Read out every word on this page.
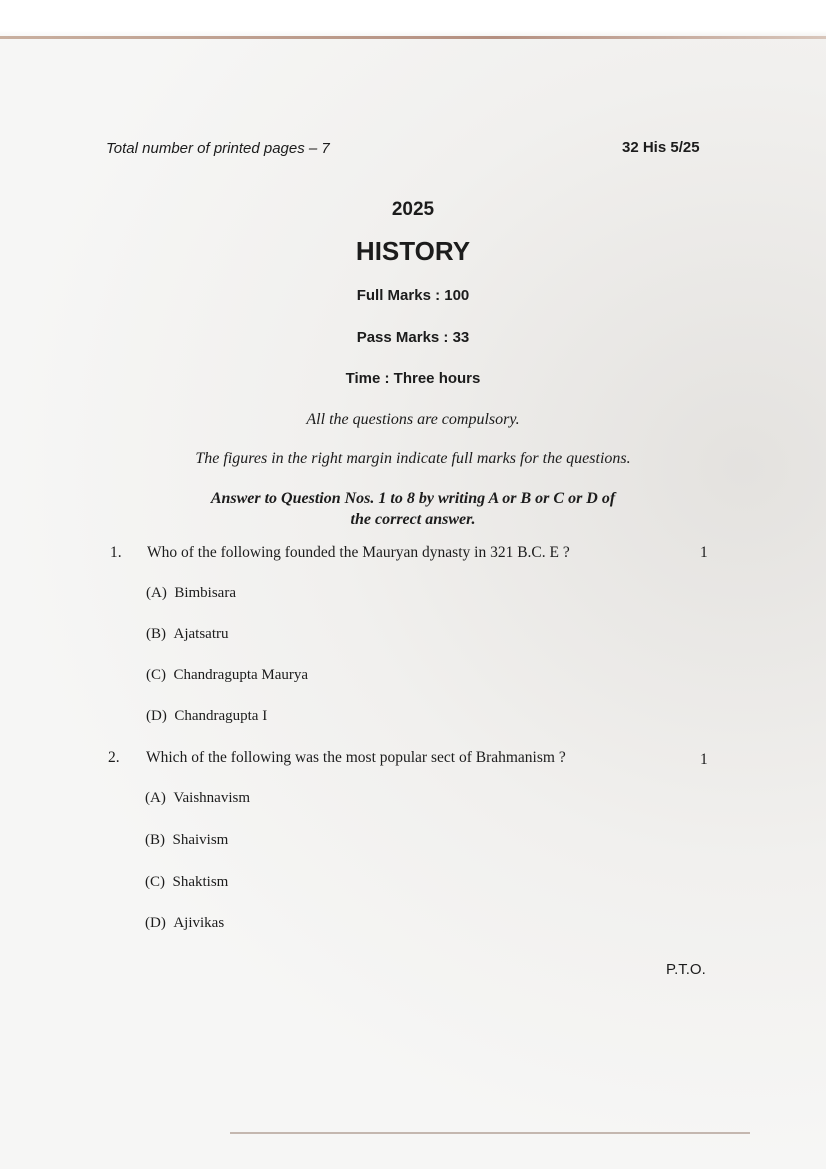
Total number of printed pages – 7	32 His 5/25
2025
HISTORY
Full Marks : 100
Pass Marks : 33
Time : Three hours
All the questions are compulsory.
The figures in the right margin indicate full marks for the questions.
Answer to Question Nos. 1 to 8 by writing A or B or C or D of
the correct answer.
1. Who of the following founded the Mauryan dynasty in 321 B.C. E ?	1
(A) Bimbisara
(B) Ajatsatru
(C) Chandragupta Maurya
(D) Chandragupta I
2. Which of the following was the most popular sect of Brahmanism ?	1
(A) Vaishnavism
(B) Shaivism
(C) Shaktism
(D) Ajivikas
P.T.O.
